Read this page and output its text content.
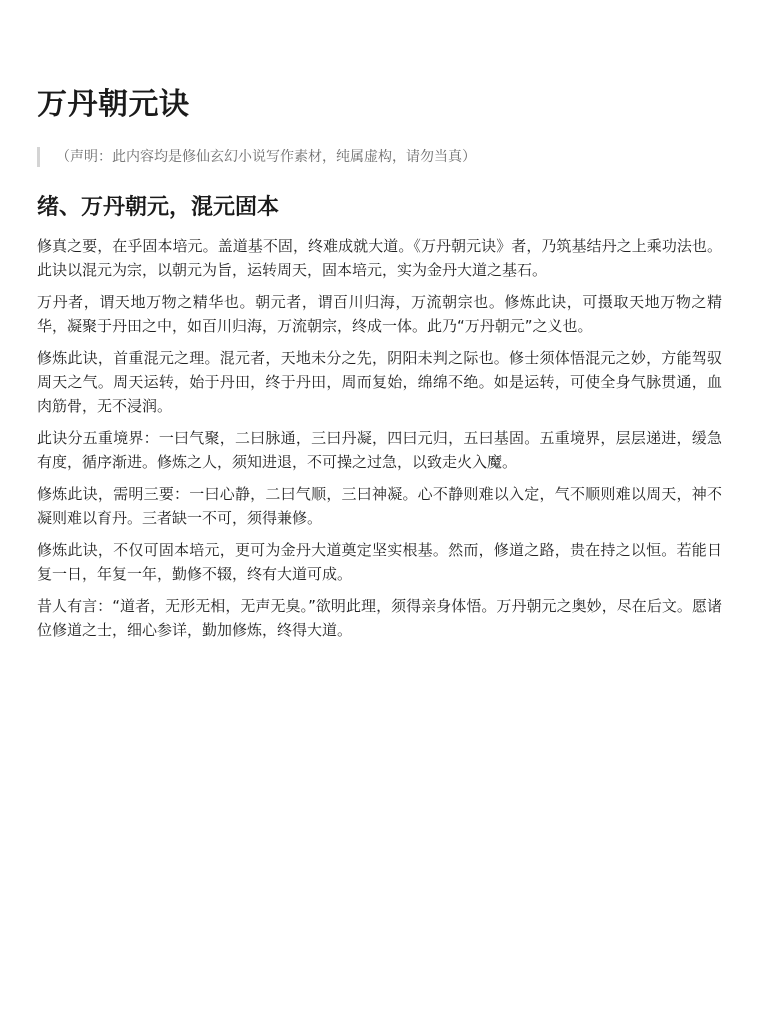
万丹朝元诀
（声明：此内容均是修仙玄幻小说写作素材，纯属虚构，请勿当真）
绪、万丹朝元，混元固本

修真之要，在乎固本培元。盖道基不固，终难成就大道。《万丹朝元诀》者，乃筑基结丹之上乘功法也。此诀以混元为宗，以朝元为旨，运转周天，固本培元，实为金丹大道之基石。

万丹者，谓天地万物之精华也。朝元者，谓百川归海，万流朝宗也。修炼此诀，可摄取天地万物之精华，凝聚于丹田之中，如百川归海，万流朝宗，终成一体。此乃“万丹朝元”之义也。

修炼此诀，首重混元之理。混元者，天地未分之先，阴阳未判之际也。修士须体悟混元之妙，方能驾驭周天之气。周天运转，始于丹田，终于丹田，周而复始，绵绵不绝。如是运转，可使全身气脉贯通，血肉筋骨，无不浸润。

此诀分五重境界：一曰气聚，二曰脉通，三曰丹凝，四曰元归，五曰基固。五重境界，层层递进，缓急有度，循序渐进。修炼之人，须知进退，不可操之过急，以致走火入魔。

修炼此诀，需明三要：一曰心静，二曰气顺，三曰神凝。心不静则难以入定，气不顺则难以周天，神不凝则难以育丹。三者缺一不可，须得兼修。

修炼此诀，不仅可固本培元，更可为金丹大道奠定坚实根基。然而，修道之路，贵在持之以恒。若能日复一日，年复一年，勤修不辍，终有大道可成。

昔人有言：“道者，无形无相，无声无臭。”欲明此理，须得亲身体悟。万丹朝元之奥妙，尽在后文。愿诸位修道之士，细心参详，勤加修炼，终得大道。
